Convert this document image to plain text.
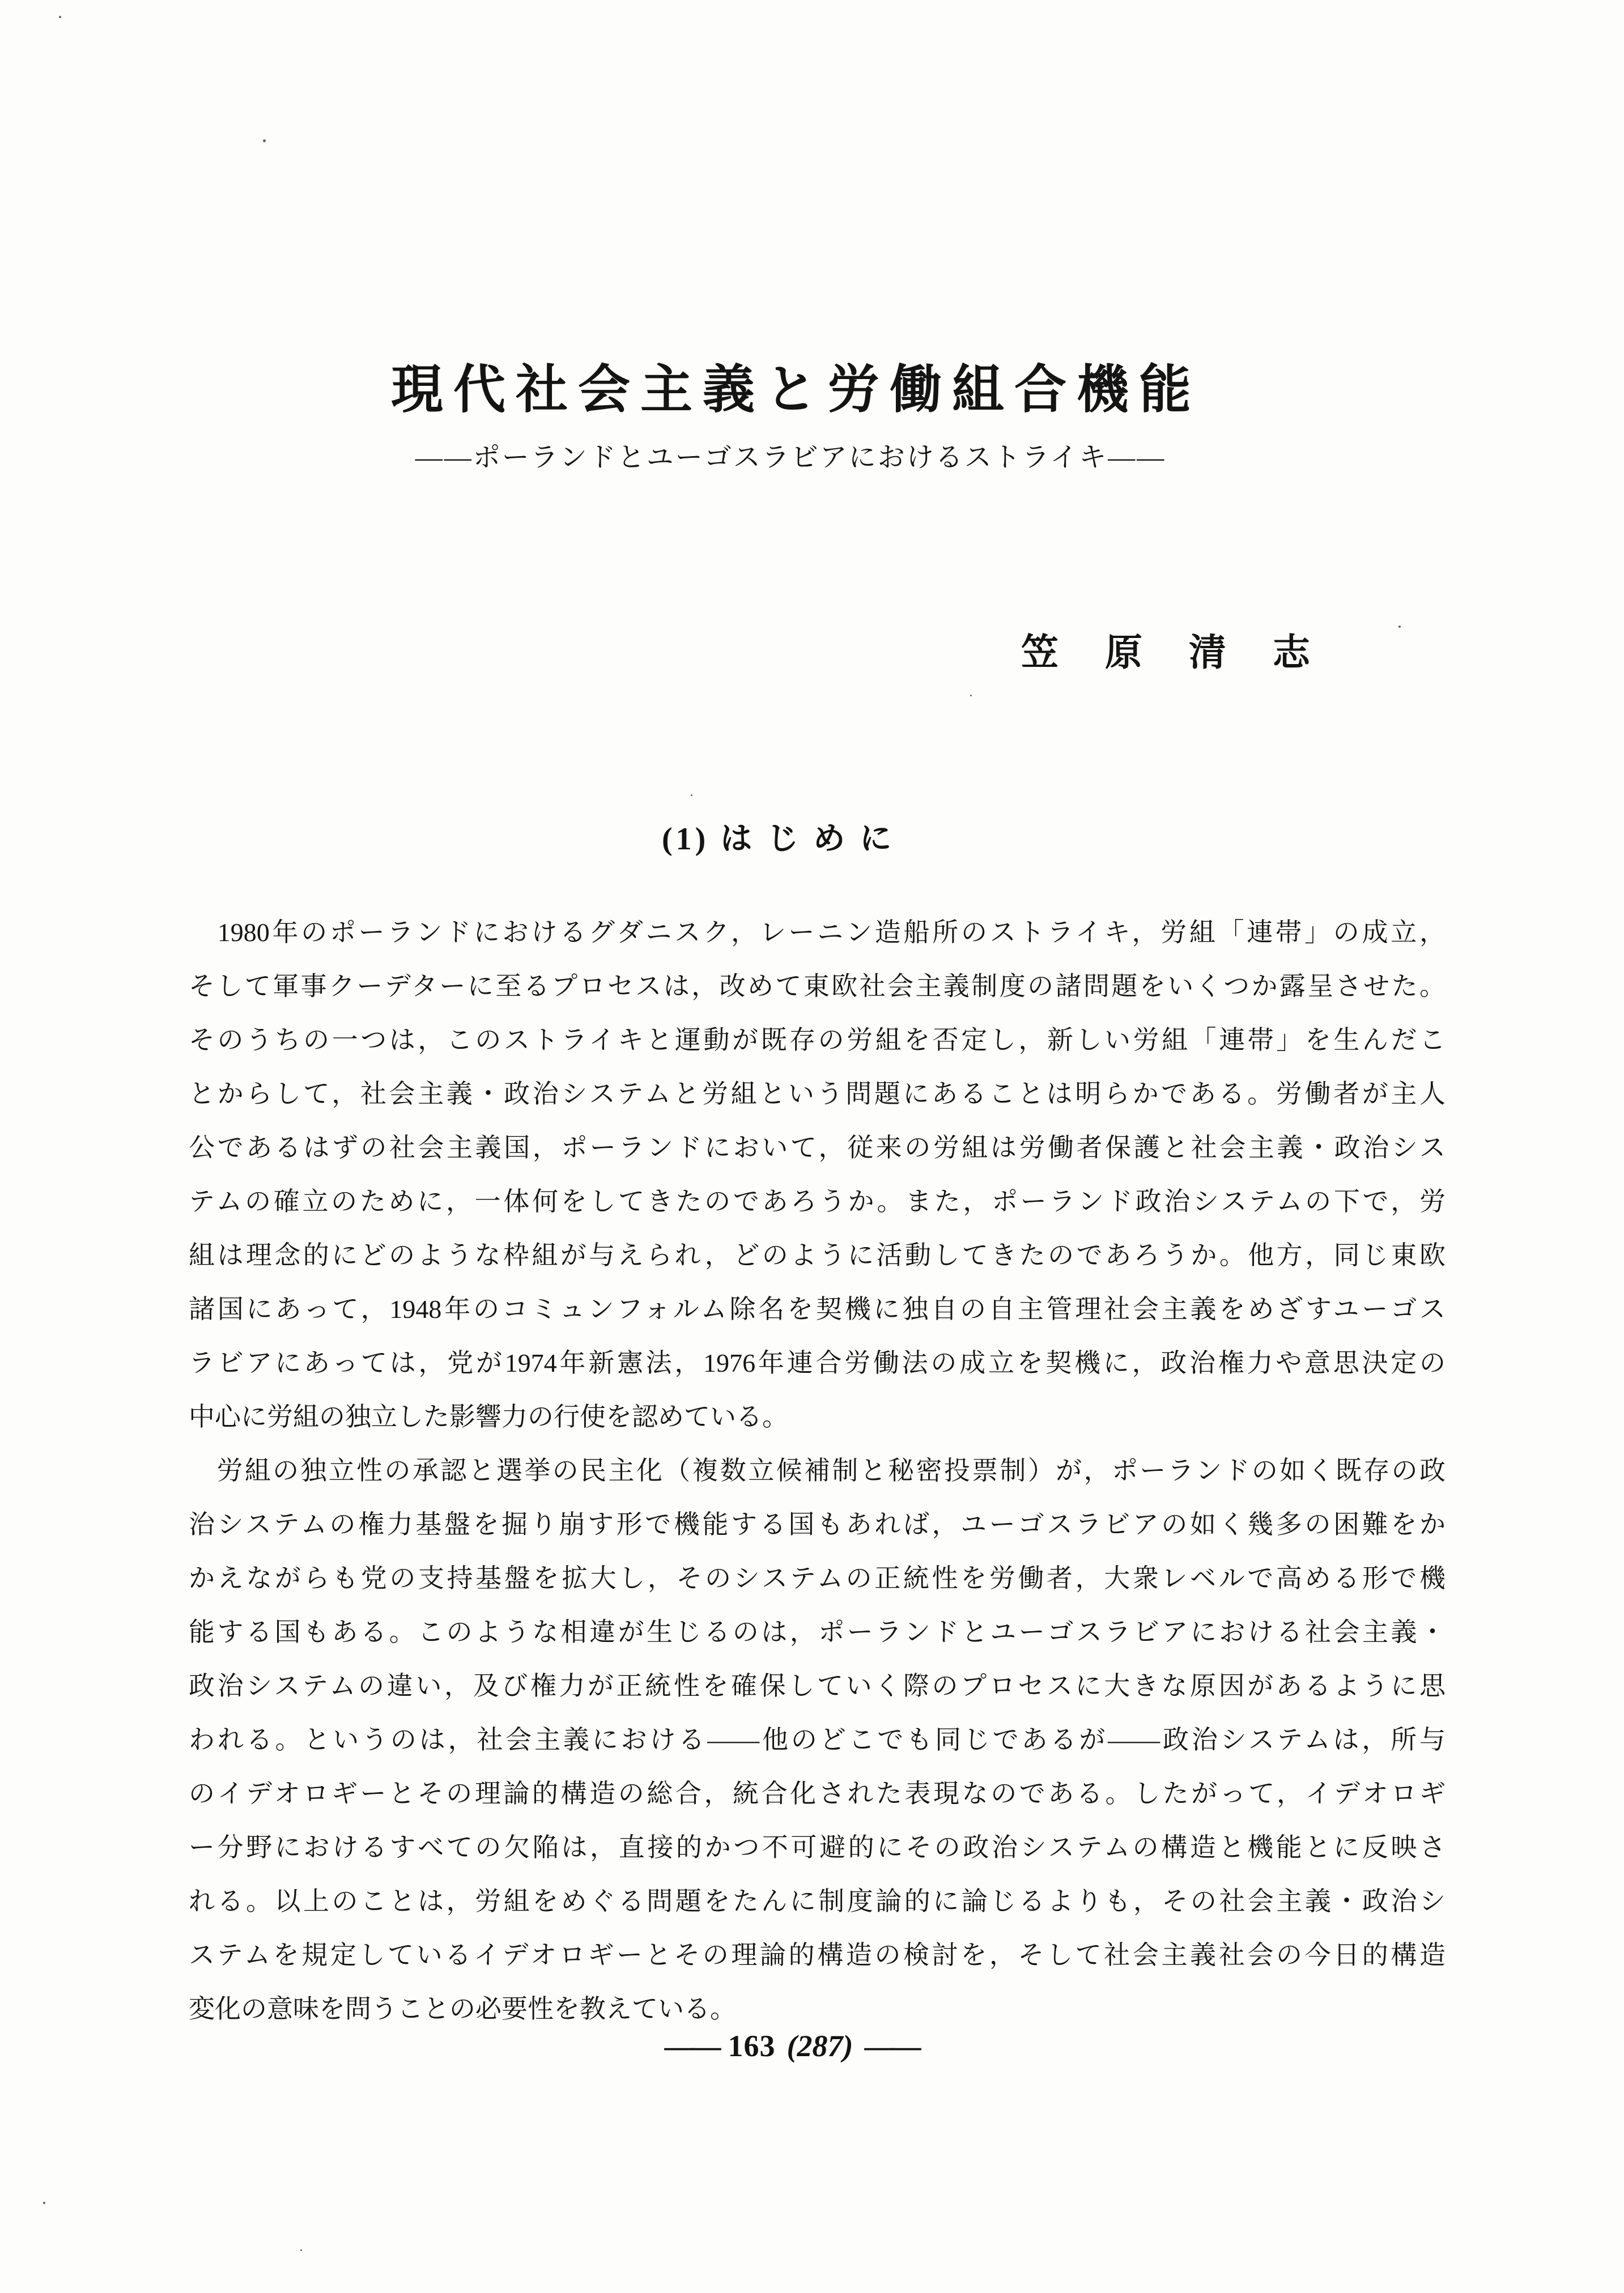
現代社会主義と労働組合機能
――ポーランドとユーゴスラビアにおけるストライキ――
笠　原　清　志
(1) は じ め に
　1980年のポーランドにおけるグダニスク，レーニン造船所のストライキ，労組「連帯」の成立，
そして軍事クーデターに至るプロセスは，改めて東欧社会主義制度の諸問題をいくつか露呈させた。
そのうちの一つは，このストライキと運動が既存の労組を否定し，新しい労組「連帯」を生んだこ
とからして，社会主義・政治システムと労組という問題にあることは明らかである。労働者が主人
公であるはずの社会主義国，ポーランドにおいて，従来の労組は労働者保護と社会主義・政治シス
テムの確立のために，一体何をしてきたのであろうか。また，ポーランド政治システムの下で，労
組は理念的にどのような枠組が与えられ，どのように活動してきたのであろうか。他方，同じ東欧
諸国にあって，1948年のコミュンフォルム除名を契機に独自の自主管理社会主義をめざすユーゴス
ラビアにあっては，党が1974年新憲法，1976年連合労働法の成立を契機に，政治権力や意思決定の
中心に労組の独立した影響力の行使を認めている。
　労組の独立性の承認と選挙の民主化（複数立候補制と秘密投票制）が，ポーランドの如く既存の政
治システムの権力基盤を掘り崩す形で機能する国もあれば，ユーゴスラビアの如く幾多の困難をか
かえながらも党の支持基盤を拡大し，そのシステムの正統性を労働者，大衆レベルで高める形で機
能する国もある。このような相違が生じるのは，ポーランドとユーゴスラビアにおける社会主義・
政治システムの違い，及び権力が正統性を確保していく際のプロセスに大きな原因があるように思
われる。というのは，社会主義における――他のどこでも同じであるが――政治システムは，所与
のイデオロギーとその理論的構造の総合，統合化された表現なのである。したがって，イデオロギ
ー分野におけるすべての欠陥は，直接的かつ不可避的にその政治システムの構造と機能とに反映さ
れる。以上のことは，労組をめぐる問題をたんに制度論的に論じるよりも，その社会主義・政治シ
ステムを規定しているイデオロギーとその理論的構造の検討を，そして社会主義社会の今日的構造
変化の意味を問うことの必要性を教えている。
―― 163 (287) ――
